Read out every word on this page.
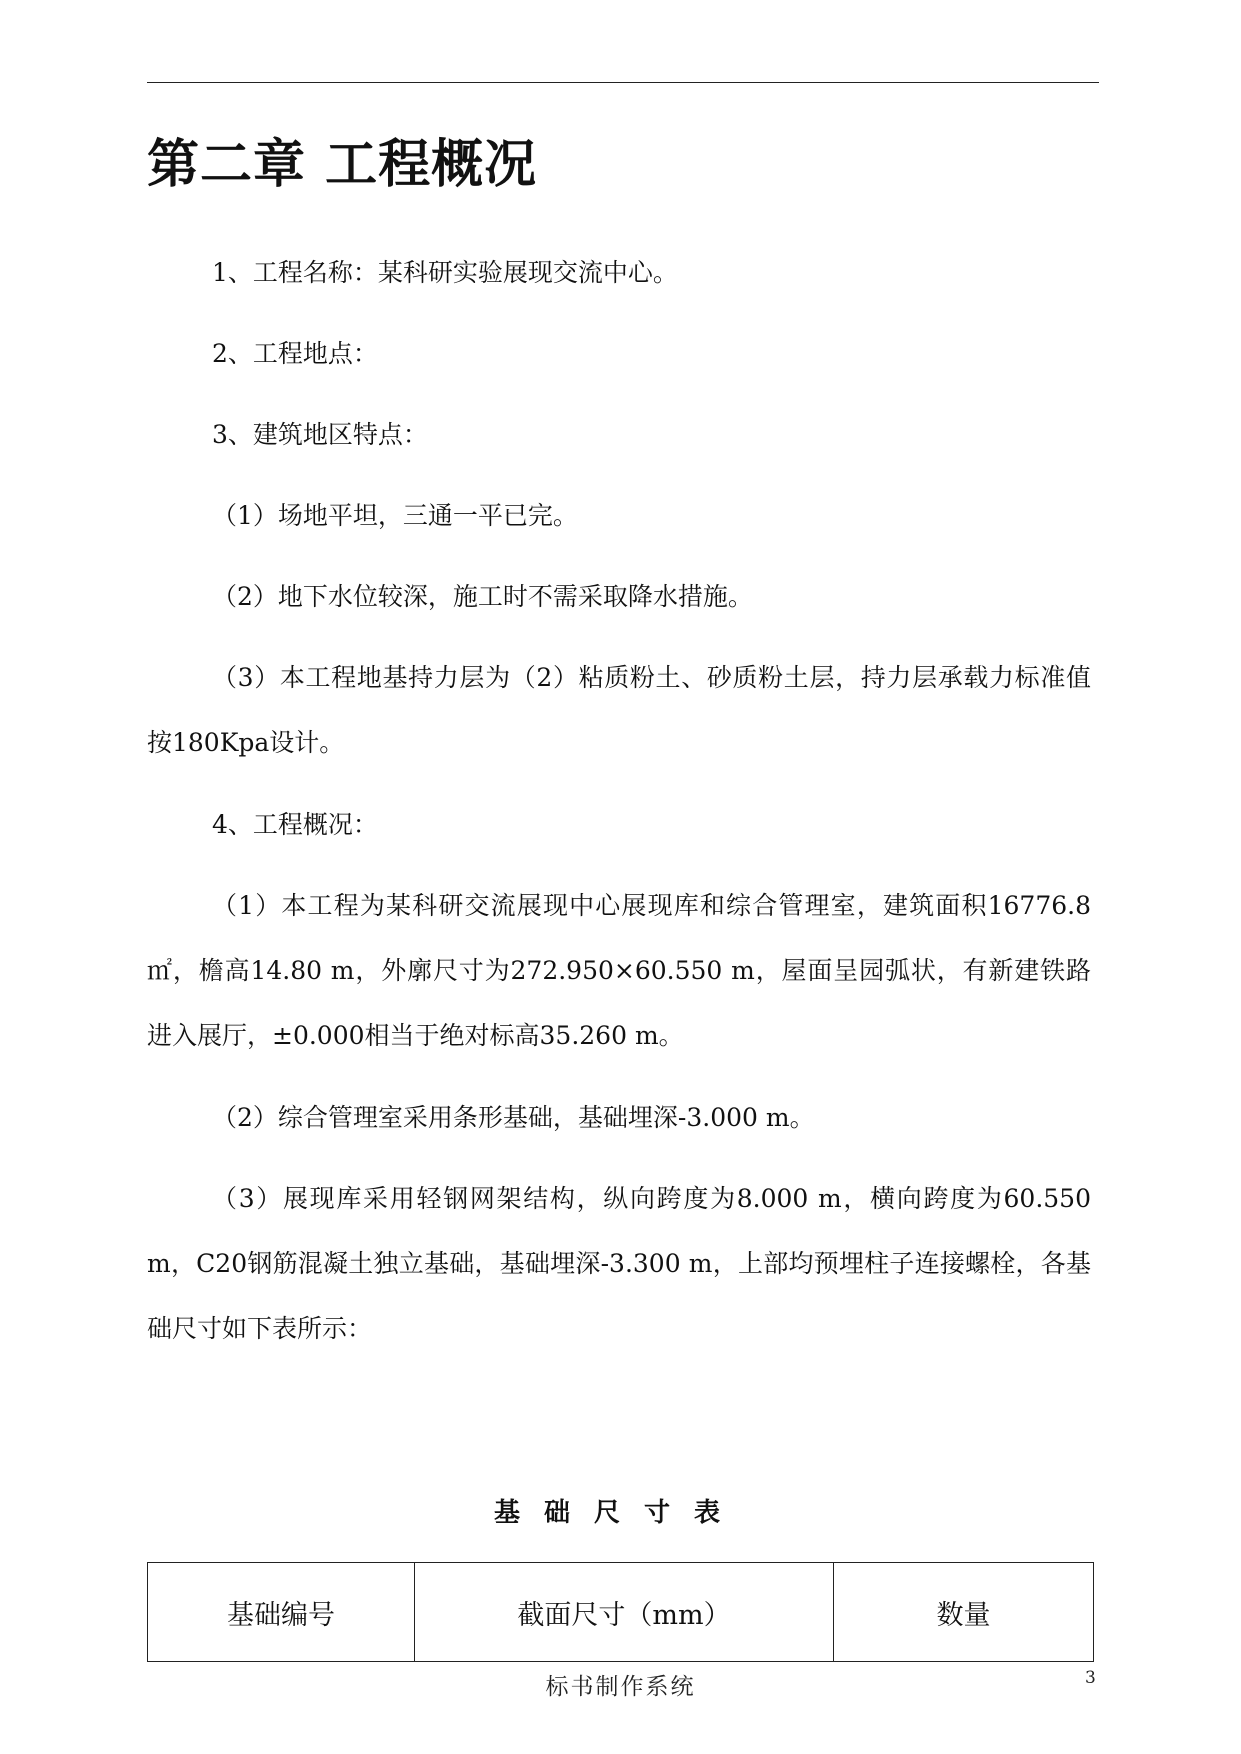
第二章 工程概况

1、工程名称：某科研实验展现交流中心。

2、工程地点：

3、建筑地区特点：

（1）场地平坦，三通一平已完。

（2）地下水位较深，施工时不需采取降水措施。

（3）本工程地基持力层为（2）粘质粉土、砂质粉土层，持力层承载力标准值按180Kpa设计。

4、工程概况：

（1）本工程为某科研交流展现中心展现库和综合管理室，建筑面积16776.8㎡，檐高14.80 m，外廓尺寸为272.950×60.550 m，屋面呈园弧状，有新建铁路进入展厅，±0.000相当于绝对标高35.260 m。

（2）综合管理室采用条形基础，基础埋深-3.000 m。

（3）展现库采用轻钢网架结构，纵向跨度为8.000 m，横向跨度为60.550 m，C20钢筋混凝土独立基础，基础埋深-3.300 m，上部均预埋柱子连接螺栓，各基础尺寸如下表所示：

基础尺寸表
基础编号	截面尺寸（mm）	数量
标书制作系统	3
